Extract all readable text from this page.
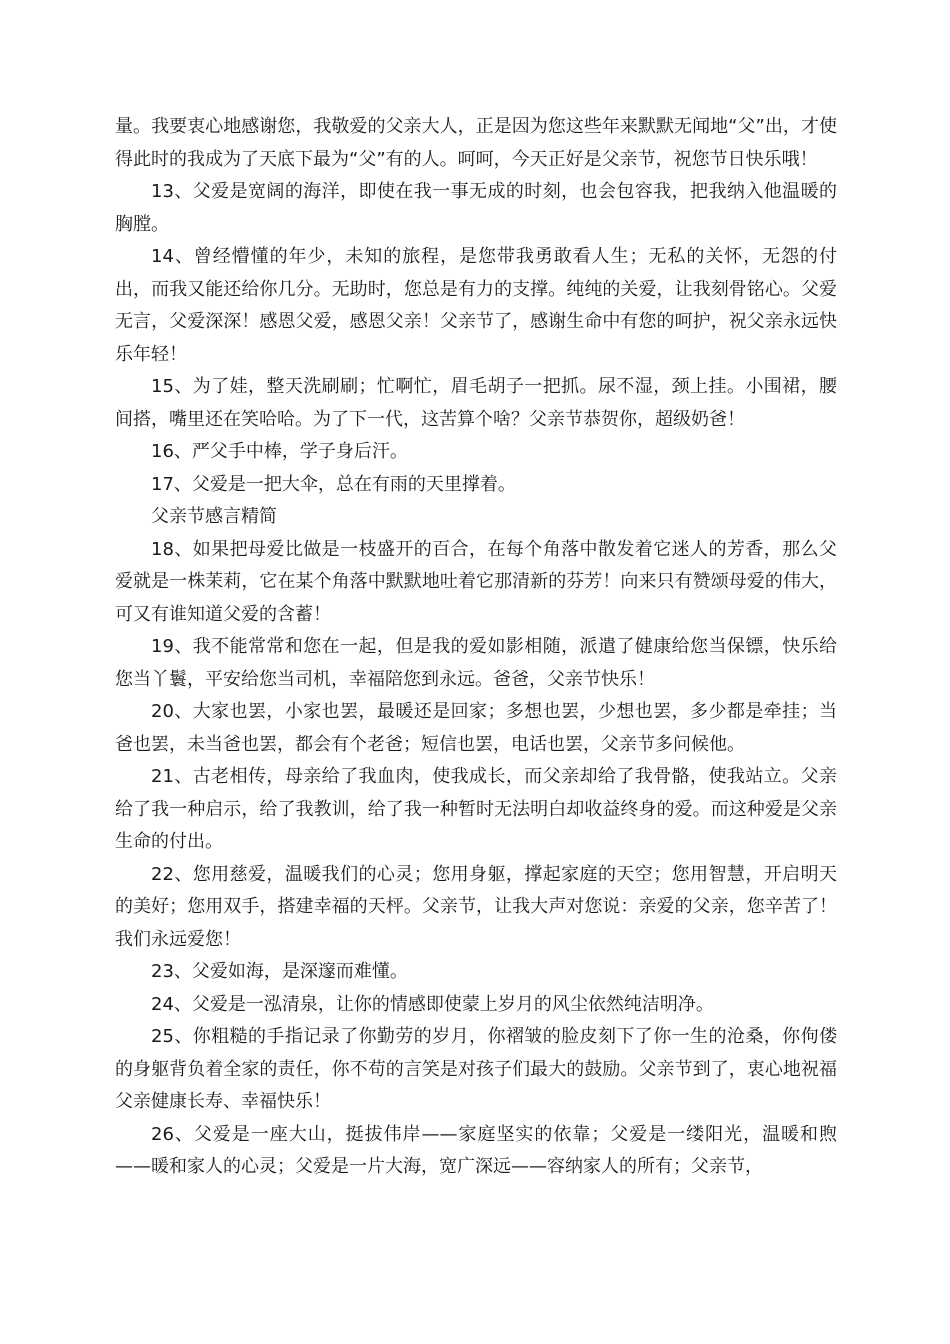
量。我要衷心地感谢您，我敬爱的父亲大人，正是因为您这些年来默默无闻地“父”出，才使得此时的我成为了天底下最为“父”有的人。呵呵，今天正好是父亲节，祝您节日快乐哦！

13、父爱是宽阔的海洋，即使在我一事无成的时刻，也会包容我，把我纳入他温暖的胸膛。

14、曾经懵懂的年少，未知的旅程，是您带我勇敢看人生；无私的关怀，无怨的付出，而我又能还给你几分。无助时，您总是有力的支撑。纯纯的关爱，让我刻骨铭心。父爱无言，父爱深深！感恩父爱，感恩父亲！父亲节了，感谢生命中有您的呵护，祝父亲永远快乐年轻！

15、为了娃，整天洗刷刷；忙啊忙，眉毛胡子一把抓。尿不湿，颈上挂。小围裙，腰间搭，嘴里还在笑哈哈。为了下一代，这苦算个啥？父亲节恭贺你，超级奶爸！

16、严父手中棒，学子身后汗。

17、父爱是一把大伞，总在有雨的天里撑着。

父亲节感言精简

18、如果把母爱比做是一枝盛开的百合，在每个角落中散发着它迷人的芳香，那么父爱就是一株茉莉，它在某个角落中默默地吐着它那清新的芬芳！向来只有赞颂母爱的伟大，可又有谁知道父爱的含蓄！

19、我不能常常和您在一起，但是我的爱如影相随，派遣了健康给您当保镖，快乐给您当丫鬟，平安给您当司机，幸福陪您到永远。爸爸，父亲节快乐！

20、大家也罢，小家也罢，最暖还是回家；多想也罢，少想也罢，多少都是牵挂；当爸也罢，未当爸也罢，都会有个老爸；短信也罢，电话也罢，父亲节多问候他。

21、古老相传，母亲给了我血肉，使我成长，而父亲却给了我骨骼，使我站立。父亲给了我一种启示，给了我教训，给了我一种暂时无法明白却收益终身的爱。而这种爱是父亲生命的付出。

22、您用慈爱，温暖我们的心灵；您用身躯，撑起家庭的天空；您用智慧，开启明天的美好；您用双手，搭建幸福的天枰。父亲节，让我大声对您说：亲爱的父亲，您辛苦了！我们永远爱您！

23、父爱如海，是深邃而难懂。

24、父爱是一泓清泉，让你的情感即使蒙上岁月的风尘依然纯洁明净。

25、你粗糙的手指记录了你勤劳的岁月，你褶皱的脸皮刻下了你一生的沧桑，你佝偻的身躯背负着全家的责任，你不苟的言笑是对孩子们最大的鼓励。父亲节到了，衷心地祝福父亲健康长寿、幸福快乐！

26、父爱是一座大山，挺拔伟岸——家庭坚实的依靠；父爱是一缕阳光，温暖和煦——暖和家人的心灵；父爱是一片大海，宽广深远——容纳家人的所有；父亲节，
